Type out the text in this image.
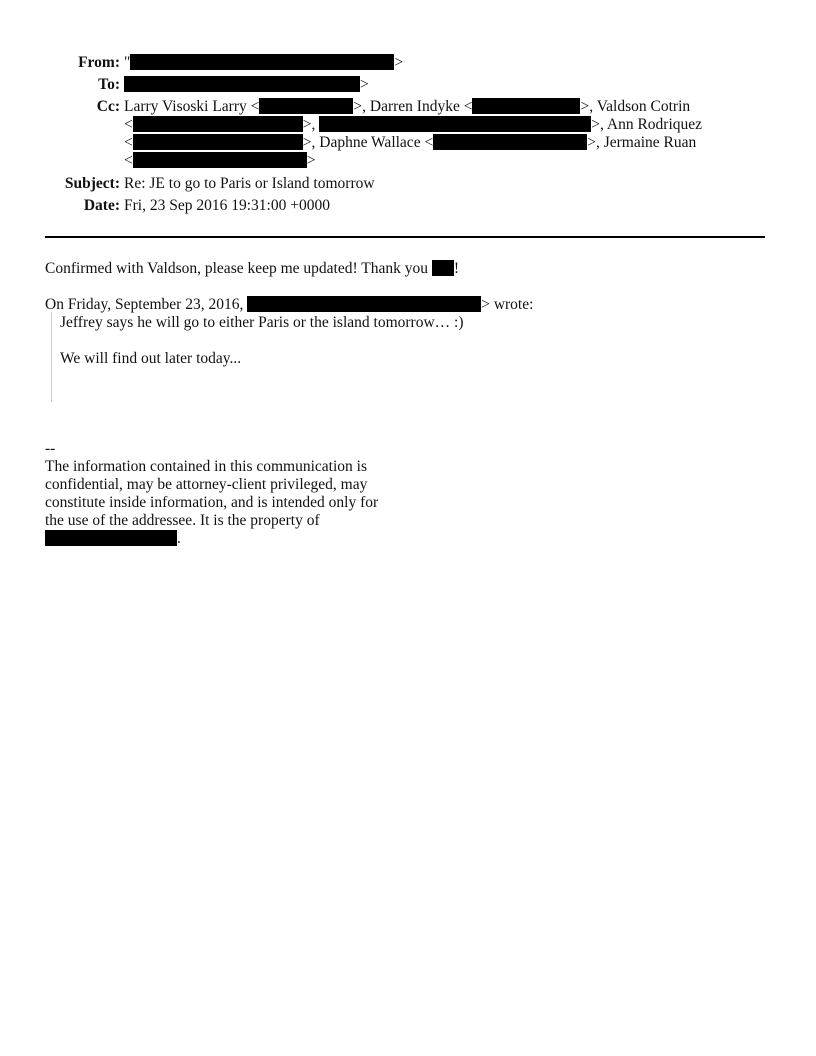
From: "	>
To:	>
Cc: Larry Visoski Larry <	>, Darren Indyke <	>, Valdson Cotrin
<	>,	>, Ann Rodriquez
<	>, Daphne Wallace <	>, Jermaine Ruan
<	>
Subject: Re: JE to go to Paris or Island tomorrow
Date: Fri, 23 Sep 2016 19:31:00 +0000
Confirmed with Valdson, please keep me updated! Thank you !
On Friday, September 23, 2016,	> wrote:

Jeffrey says he will go to either Paris or the island tomorrow… :)

We will find out later today...

--
The information contained in this communication is
confidential, may be attorney-client privileged, may
constitute inside information, and is intended only for
the use of the addressee. It is the property of
.
